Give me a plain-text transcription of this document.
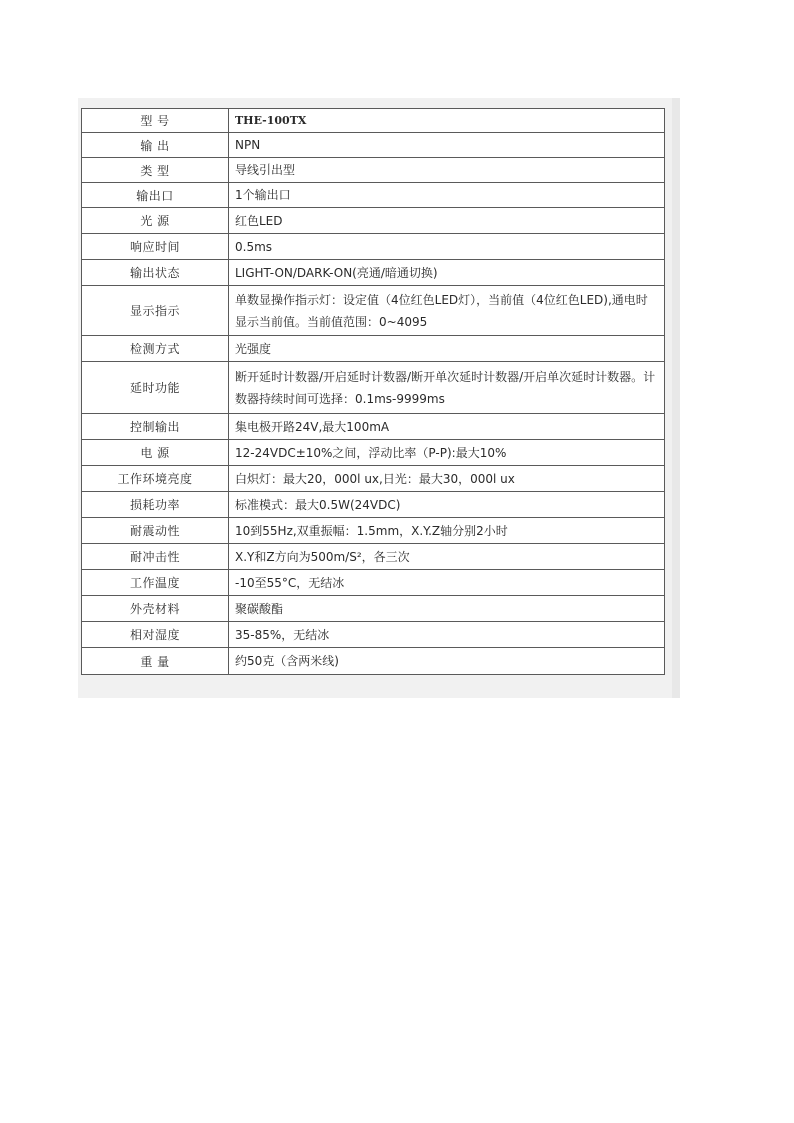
型 号	THE-100TX
输 出	NPN
类 型	导线引出型
输出口	1个输出口
光 源	红色LED
响应时间	0.5ms
输出状态	LIGHT-ON/DARK-ON(亮通/暗通切换)
显示指示	单数显操作指示灯：设定值（4位红色LED灯），当前值（4位红色LED),通电时显示当前值。当前值范围：0~4095
检测方式	光强度
延时功能	断开延时计数器/开启延时计数器/断开单次延时计数器/开启单次延时计数器。计数器持续时间可选择：0.1ms-9999ms
控制输出	集电极开路24V,最大100mA
电 源	12-24VDC±10%之间，浮动比率（P-P):最大10%
工作环境亮度	白炽灯：最大20，000l ux,日光：最大30，000l ux
损耗功率	标准模式：最大0.5W(24VDC)
耐震动性	10到55Hz,双重振幅：1.5mm，X.Y.Z轴分别2小时
耐冲击性	X.Y和Z方向为500m/S²，各三次
工作温度	-10至55°C，无结冰
外壳材料	聚碳酸酯
相对湿度	35-85%，无结冰
重 量	约50克（含两米线)
